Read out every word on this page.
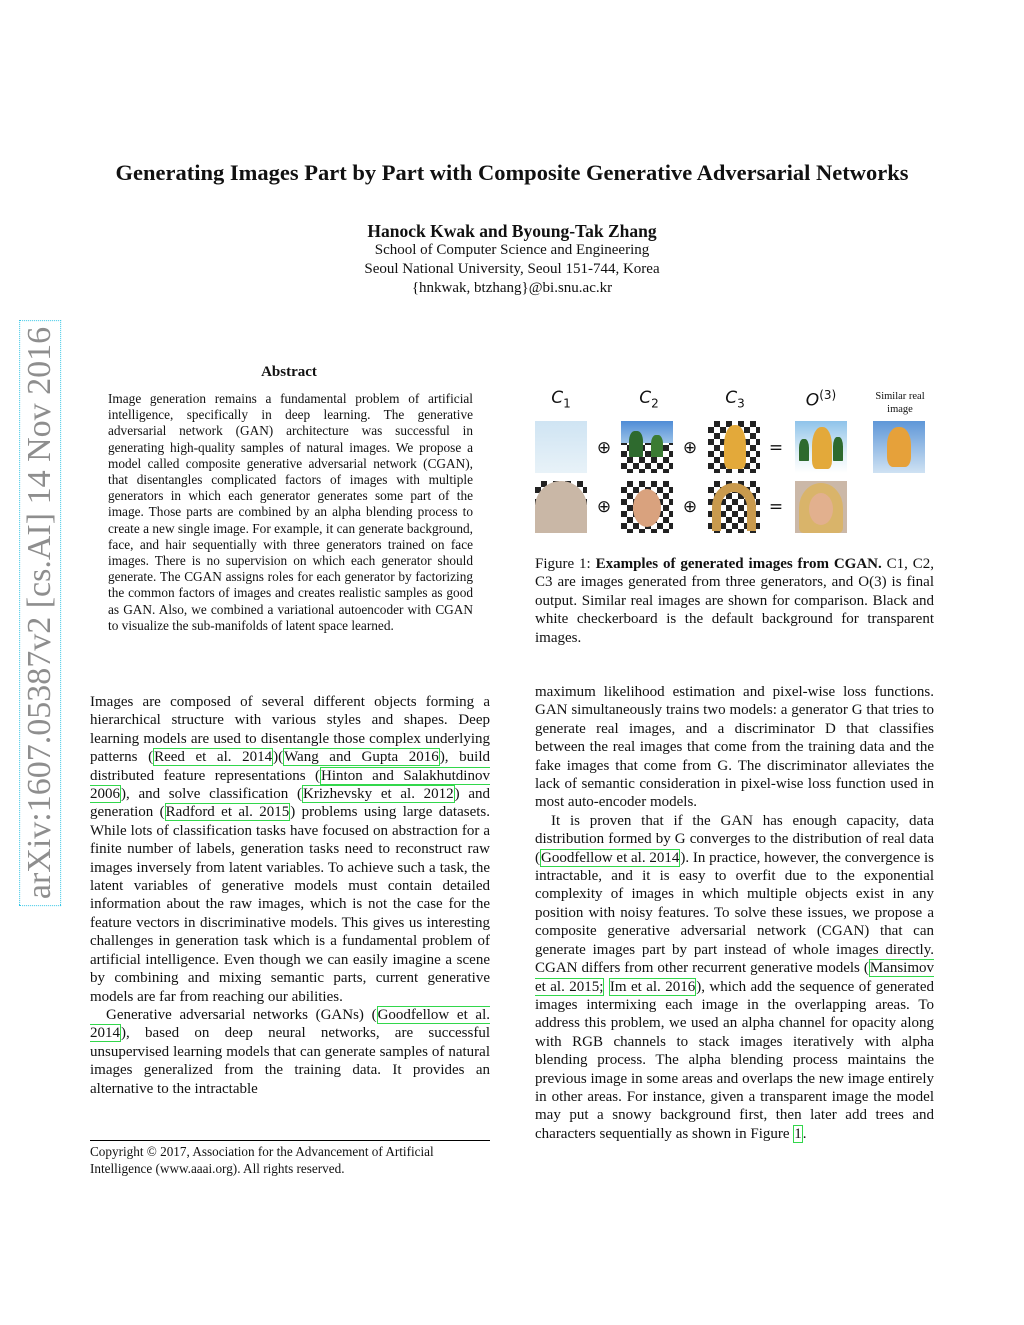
arXiv:1607.05387v2 [cs.AI] 14 Nov 2016
Generating Images Part by Part with Composite Generative Adversarial Networks
Hanock Kwak and Byoung-Tak Zhang
School of Computer Science and Engineering
Seoul National University, Seoul 151-744, Korea
{hnkwak, btzhang}@bi.snu.ac.kr
Abstract
Image generation remains a fundamental problem of artificial intelligence, specifically in deep learning. The generative adversarial network (GAN) architecture was successful in generating high-quality samples of natural images. We propose a model called composite generative adversarial network (CGAN), that disentangles complicated factors of images with multiple generators in which each generator generates some part of the image. Those parts are combined by an alpha blending process to create a new single image. For example, it can generate background, face, and hair sequentially with three generators trained on face images. There is no supervision on which each generator should generate. The CGAN assigns roles for each generator by factorizing the common factors of images and creates realistic samples as good as GAN. Also, we combined a variational autoencoder with CGAN to visualize the sub-manifolds of latent space learned.

Images are composed of several different objects forming a hierarchical structure with various styles and shapes. Deep learning models are used to disentangle those complex underlying patterns (Reed et al. 2014)(Wang and Gupta 2016), build distributed feature representations (Hinton and Salakhutdinov 2006), and solve classification (Krizhevsky et al. 2012) and generation (Radford et al. 2015) problems using large datasets. While lots of classification tasks have focused on abstraction for a finite number of labels, generation tasks need to reconstruct raw images inversely from latent variables. To achieve such a task, the latent variables of generative models must contain detailed information about the raw images, which is not the case for the feature vectors in discriminative models. This gives us interesting challenges in generation task which is a fundamental problem of artificial intelligence. Even though we can easily imagine a scene by combining and mixing semantic parts, current generative models are far from reaching our abilities.

Generative adversarial networks (GANs) (Goodfellow et al. 2014), based on deep neural networks, are successful unsupervised learning models that can generate samples of natural images generalized from the training data. It provides an alternative to the intractable

Copyright © 2017, Association for the Advancement of Artificial Intelligence (www.aaai.org). All rights reserved.
$C_1$	$C_2$	$C_3$	$O^{(3)}$	Similar real image
⊕	⊕	=
⊕	⊕	=
Figure 1: Examples of generated images from CGAN. C1, C2, C3 are images generated from three generators, and O(3) is final output. Similar real images are shown for comparison. Black and white checkerboard is the default background for transparent images.

maximum likelihood estimation and pixel-wise loss functions. GAN simultaneously trains two models: a generator G that tries to generate real images, and a discriminator D that classifies between the real images that come from the training data and the fake images that come from G. The discriminator alleviates the lack of semantic consideration in pixel-wise loss function used in most auto-encoder models.

It is proven that if the GAN has enough capacity, data distribution formed by G converges to the distribution of real data (Goodfellow et al. 2014). In practice, however, the convergence is intractable, and it is easy to overfit due to the exponential complexity of images in which multiple objects exist in any position with noisy features. To solve these issues, we propose a composite generative adversarial network (CGAN) that can generate images part by part instead of whole images directly. CGAN differs from other recurrent generative models (Mansimov et al. 2015; Im et al. 2016), which add the sequence of generated images intermixing each image in the overlapping areas. To address this problem, we used an alpha channel for opacity along with RGB channels to stack images iteratively with alpha blending process. The alpha blending process maintains the previous image in some areas and overlaps the new image entirely in other areas. For instance, given a transparent image the model may put a snowy background first, then later add trees and characters sequentially as shown in Figure 1.
